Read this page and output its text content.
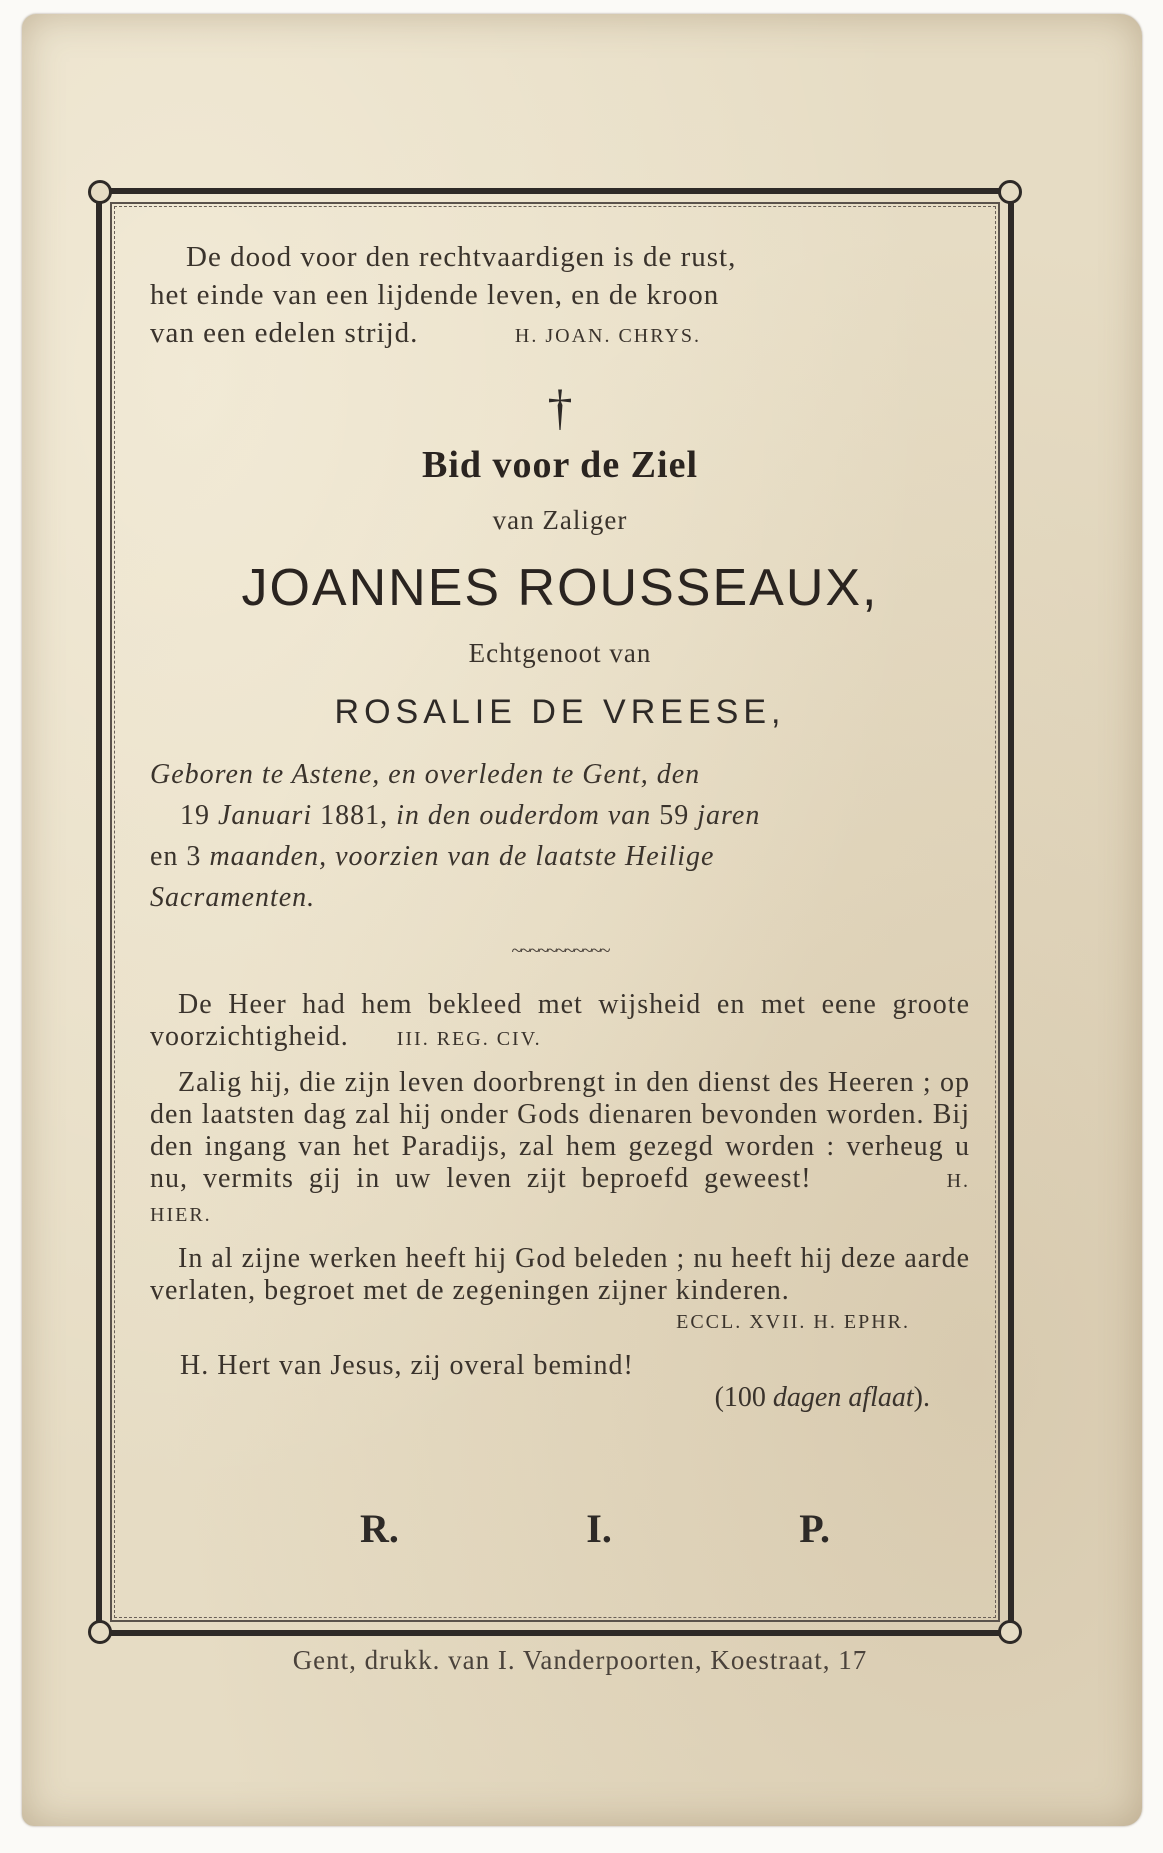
De dood voor den rechtvaardigen is de rust,
het einde van een lijdende leven, en de kroon
van een edelen strijd.	H. JOAN. CHRYS.

†
Bid voor de Ziel
van Zaliger
JOANNES ROUSSEAUX,
Echtgenoot van
ROSALIE DE VREESE,

Geboren te Astene, en overleden te Gent, den
19 Januari 1881, in den ouderdom van 59 jaren
en 3 maanden, voorzien van de laatste Heilige
Sacramenten.

~~~~~~~~~~~

De Heer had hem bekleed met wijsheid en met eene groote voorzichtigheid. III. REG. CIV.

Zalig hij, die zijn leven doorbrengt in den dienst des Heeren ; op den laatsten dag zal hij onder Gods dienaren bevonden worden. Bij den ingang van het Paradijs, zal hem gezegd worden : verheug u nu, vermits gij in uw leven zijt beproefd geweest!	H. HIER.

In al zijne werken heeft hij God beleden ; nu heeft hij deze aarde verlaten, begroet met de zegeningen zijner kinderen.

ECCL. XVII. H. EPHR.
H. Hert van Jesus, zij overal bemind!
(100 dagen aflaat).
R.	I.	P.
Gent, drukk. van I. Vanderpoorten, Koestraat, 17
